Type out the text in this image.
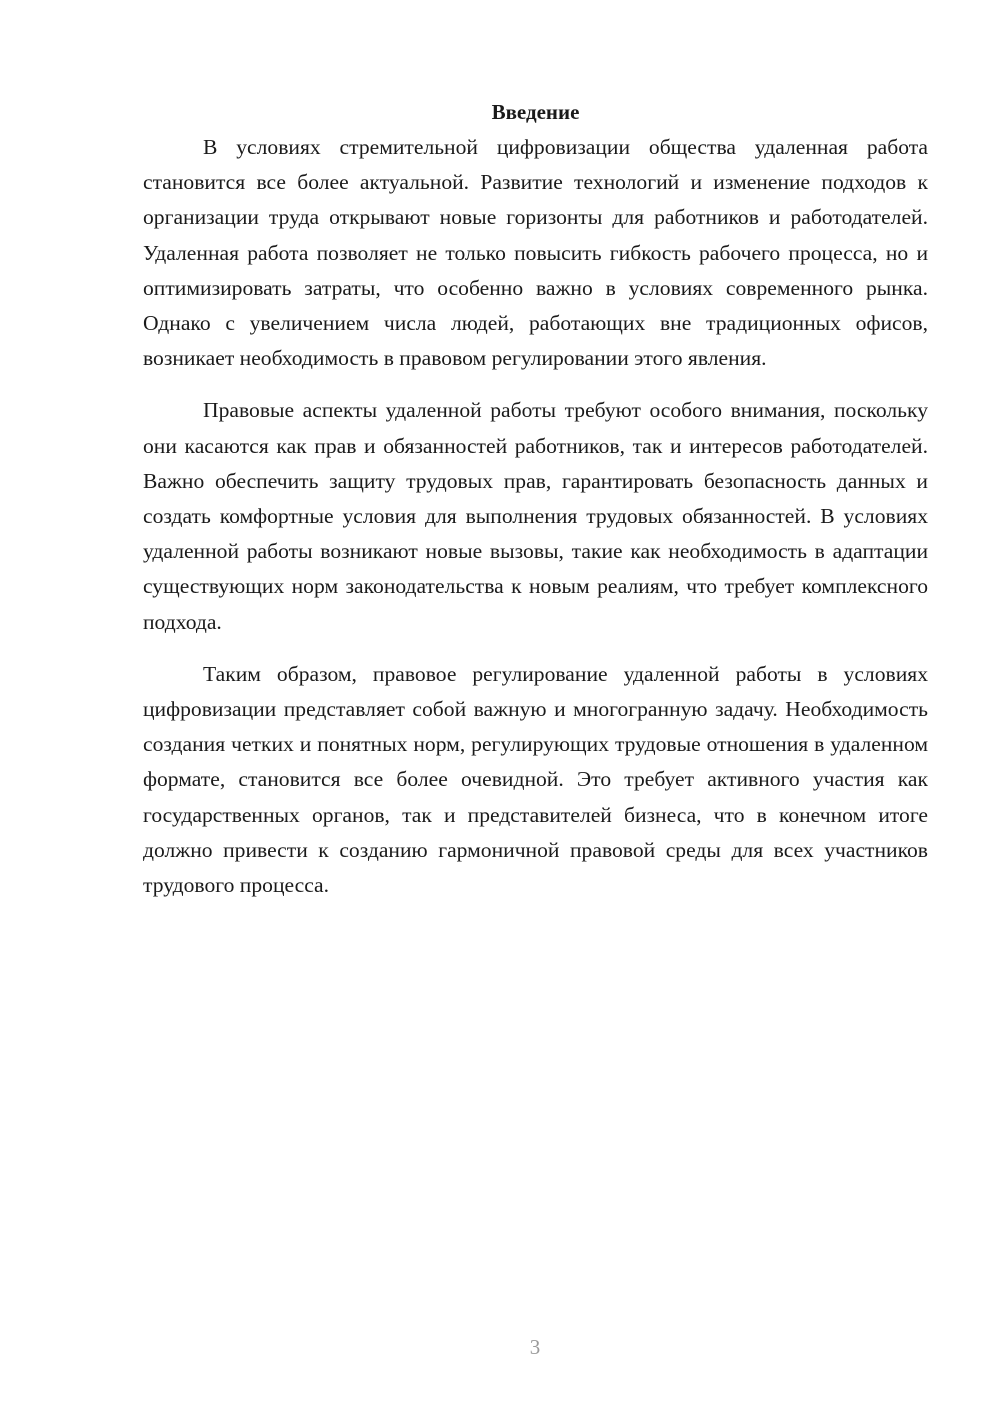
Введение

В условиях стремительной цифровизации общества удаленная работа становится все более актуальной. Развитие технологий и изменение подходов к организации труда открывают новые горизонты для работников и работодателей. Удаленная работа позволяет не только повысить гибкость рабочего процесса, но и оптимизировать затраты, что особенно важно в условиях современного рынка. Однако с увеличением числа людей, работающих вне традиционных офисов, возникает необходимость в правовом регулировании этого явления.

Правовые аспекты удаленной работы требуют особого внимания, поскольку они касаются как прав и обязанностей работников, так и интересов работодателей. Важно обеспечить защиту трудовых прав, гарантировать безопасность данных и создать комфортные условия для выполнения трудовых обязанностей. В условиях удаленной работы возникают новые вызовы, такие как необходимость в адаптации существующих норм законодательства к новым реалиям, что требует комплексного подхода.

Таким образом, правовое регулирование удаленной работы в условиях цифровизации представляет собой важную и многогранную задачу. Необходимость создания четких и понятных норм, регулирующих трудовые отношения в удаленном формате, становится все более очевидной. Это требует активного участия как государственных органов, так и представителей бизнеса, что в конечном итоге должно привести к созданию гармоничной правовой среды для всех участников трудового процесса.

3
